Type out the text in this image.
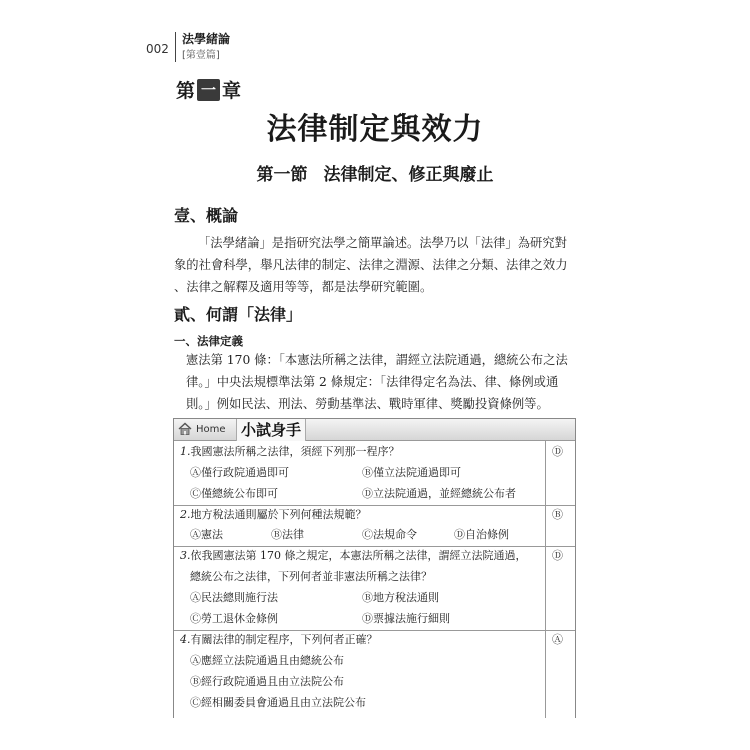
002
法學緒論
[第壹篇]
第 一 章
法律制定與效力
第一節 法律制定、修正與廢止
壹、概論
「法學緒論」是指研究法學之簡單論述。法學乃以「法律」為研究對
象的社會科學，舉凡法律的制定、法律之淵源、法律之分類、法律之效力
、法律之解釋及適用等等，都是法學研究範圍。
貳、何謂「法律」
一、法律定義
憲法第 170 條：「本憲法所稱之法律，謂經立法院通過，總統公布之法
律。」中央法規標準法第 2 條規定：「法律得定名為法、律、條例或通
則。」例如民法、刑法、勞動基準法、戰時軍律、獎勵投資條例等。
Home	小試身手
1.我國憲法所稱之法律，須經下列那一程序？	Ⓓ
Ⓐ僅行政院通過即可	Ⓑ僅立法院通過即可
Ⓒ僅總統公布即可	Ⓓ立法院通過，並經總統公布者
2.地方稅法通則屬於下列何種法規範？	Ⓑ
Ⓐ憲法	Ⓑ法律	Ⓒ法規命令	Ⓓ自治條例
3.依我國憲法第 170 條之規定，本憲法所稱之法律，謂經立法院通過， Ⓓ
總統公布之法律，下列何者並非憲法所稱之法律？
Ⓐ民法總則施行法	Ⓑ地方稅法通則
Ⓒ勞工退休金條例	Ⓓ票據法施行細則
4.有關法律的制定程序，下列何者正確？	Ⓐ
Ⓐ應經立法院通過且由總統公布
Ⓑ經行政院通過且由立法院公布
Ⓒ經相關委員會通過且由立法院公布
